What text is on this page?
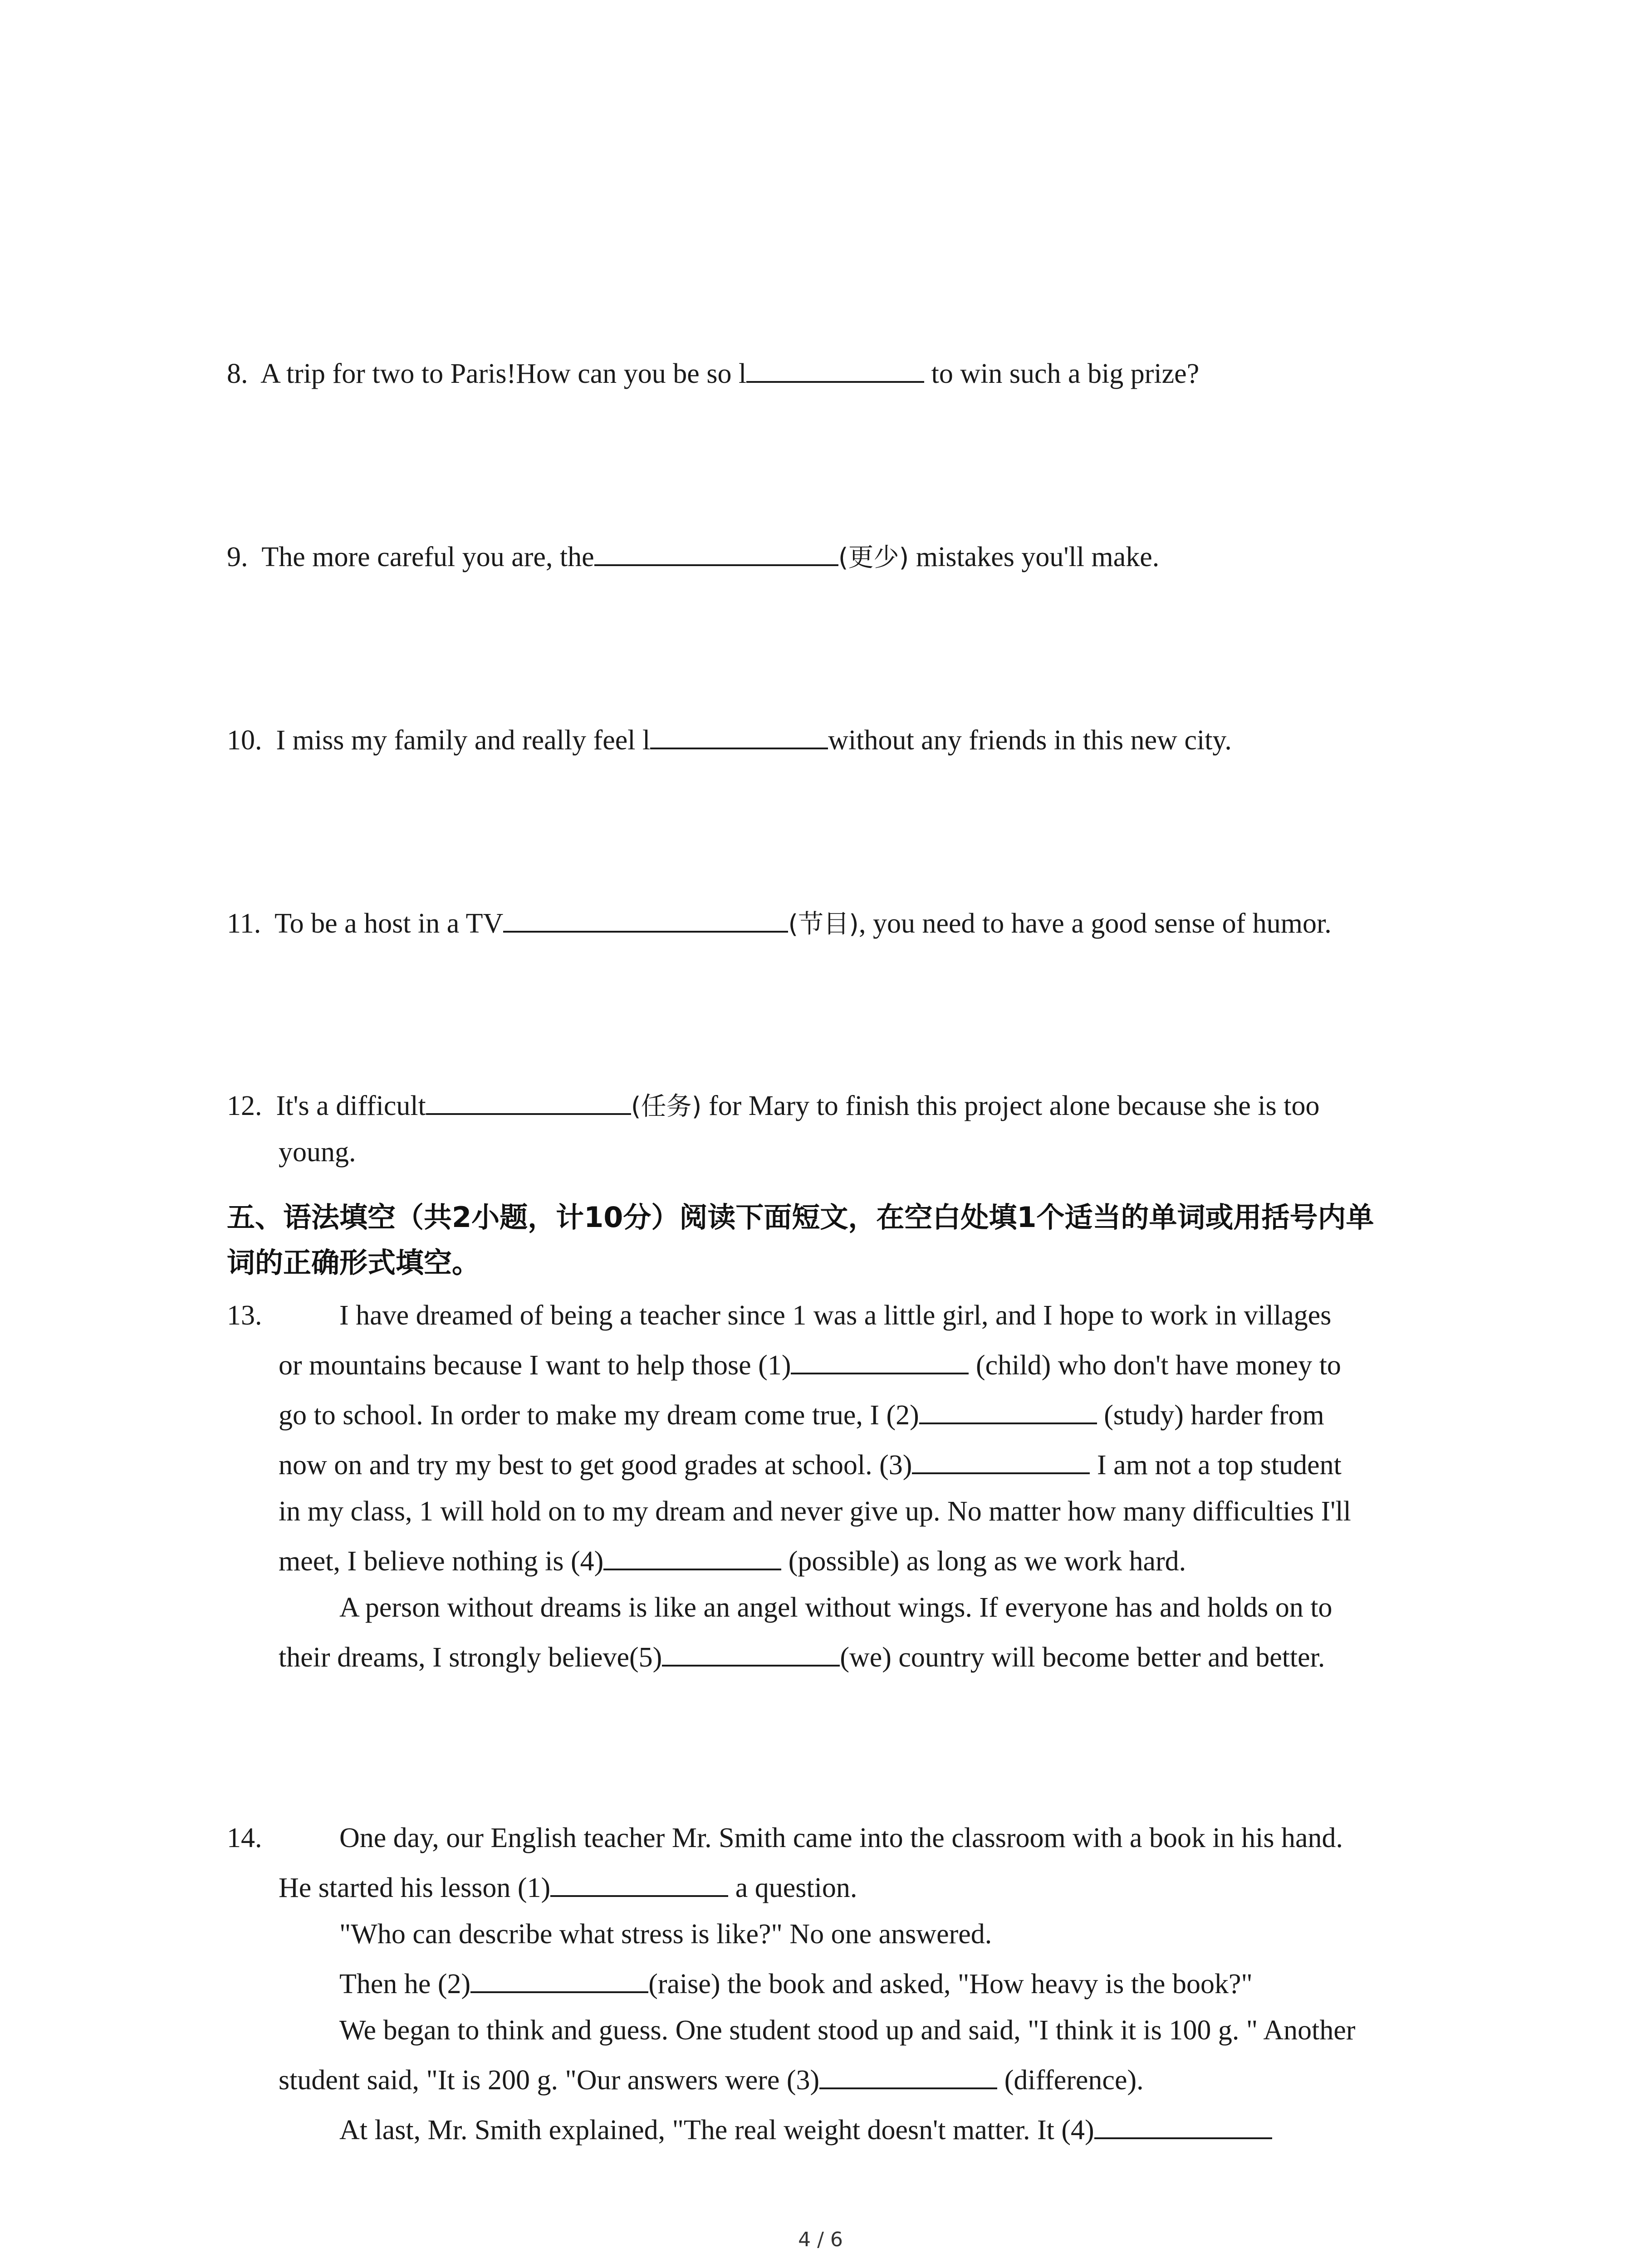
8. A trip for two to Paris!How can you be so l	to win such a big prize?
9. The more careful you are, the	(更少) mistakes you'll make.
10. I miss my family and really feel l	without any friends in this new city.
11. To be a host in a TV	(节目), you need to have a good sense of humor.
12. It's a difficult	(任务) for Mary to finish this project alone because she is too
young.
五、语法填空（共2小题，计10分）阅读下面短文，在空白处填1个适当的单词或用括号内单
词的正确形式填空。
13.	I have dreamed of being a teacher since 1 was a little girl, and I hope to work in villages
or mountains because I want to help those (1)	(child) who don't have money to
go to school. In order to make my dream come true, I (2)	(study) harder from
now on and try my best to get good grades at school. (3)	I am not a top student
in my class, 1 will hold on to my dream and never give up. No matter how many difficulties I'll
meet, I believe nothing is (4)	(possible) as long as we work hard.
A person without dreams is like an angel without wings. If everyone has and holds on to
their dreams, I strongly believe(5)	(we) country will become better and better.
14.	One day, our English teacher Mr. Smith came into the classroom with a book in his hand.
He started his lesson (1)	a question.
"Who can describe what stress is like?" No one answered.
Then he (2)	(raise) the book and asked, "How heavy is the book?"
We began to think and guess. One student stood up and said, "I think it is 100 g. " Another
student said, "It is 200 g. "Our answers were (3)	(difference).
At last, Mr. Smith explained, "The real weight doesn't matter. It (4)
4 / 6
